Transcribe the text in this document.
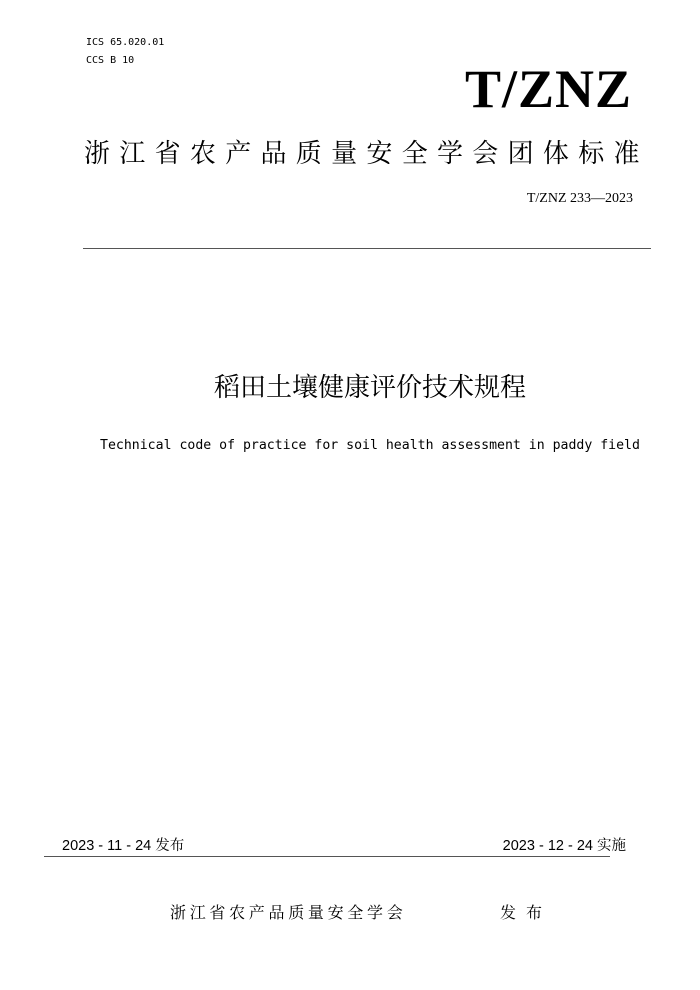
ICS 65.020.01
CCS B 10	T/ZNZ
浙江省农产品质量安全学会团体标准
T/ZNZ 233—2023
稻田土壤健康评价技术规程
Technical code of practice for soil health assessment in paddy field
2023 - 11 - 24 发布	2023 - 12 - 24 实施
浙江省农产品质量安全学会	发布
